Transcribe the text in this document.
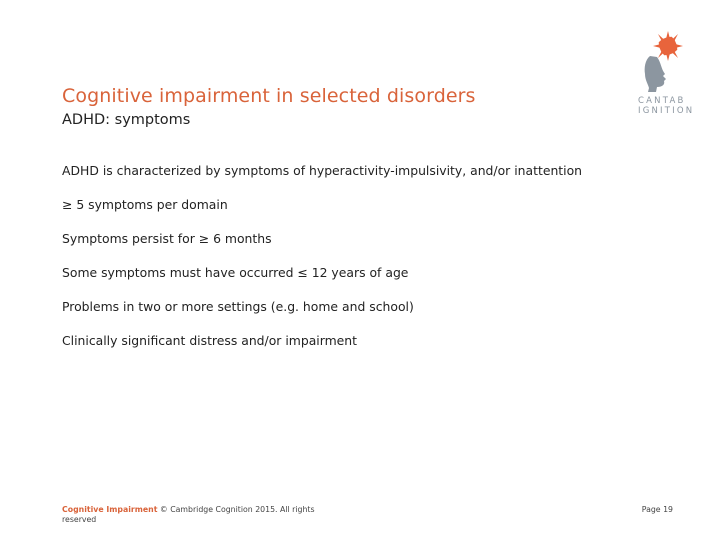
Cognitive impairment in selected disorders
ADHD: symptoms
ADHD is characterized by symptoms of hyperactivity-impulsivity, and/or inattention
≥ 5 symptoms per domain
Symptoms persist for ≥ 6 months
Some symptoms must have occurred ≤ 12 years of age
Problems in two or more settings (e.g. home and school)
Clinically significant distress and/or impairment
CANTAB
IGNITION
Cognitive Impairment © Cambridge Cognition 2015. All rights reserved
Page 19
